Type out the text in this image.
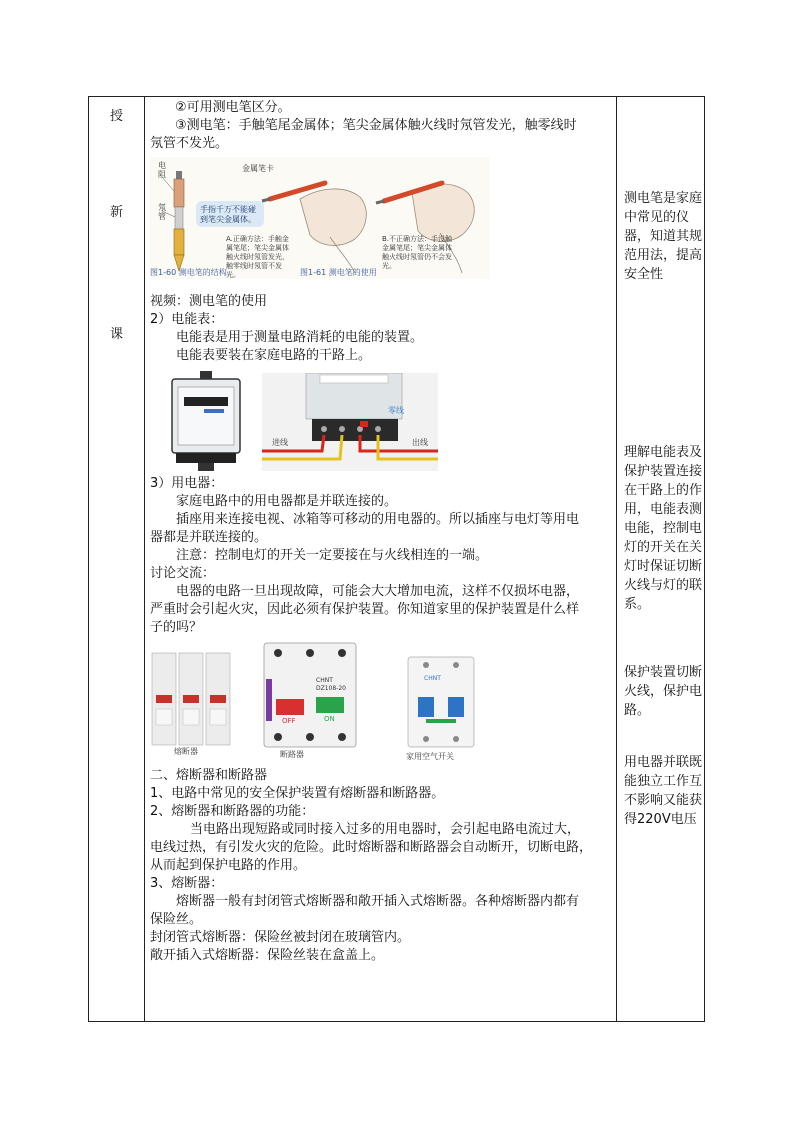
授
新
课
②可用测电笔区分。
③测电笔：手触笔尾金属体；笔尖金属体触火线时氖管发光，触零线时
氖管不发光。
电阻
氖管
金属笔卡
手指千万不能碰到笔尖金属体。
A.正确方法：手触金属笔尾；笔尖金属体触火线时氖管发光，触零线时氖管不发光。
B.不正确方法：手没触金属笔尾；笔尖金属体触火线时氖管仍不会发光。
图1-60 测电笔的结构	图1-61 测电笔的使用
视频：测电笔的使用
2）电能表：
电能表是用于测量电路消耗的电能的装置。
电能表要装在家庭电路的干路上。
进线	出线
零线
3）用电器：
家庭电路中的用电器都是并联连接的。
插座用来连接电视、冰箱等可移动的用电器的。所以插座与电灯等用电
器都是并联连接的。
注意：控制电灯的开关一定要接在与火线相连的一端。
讨论交流：
电器的电路一旦出现故障，可能会大大增加电流，这样不仅损坏电器，
严重时会引起火灾，因此必须有保护装置。你知道家里的保护装置是什么样
子的吗？
熔断器
CHNT
DZ108-20
OFF	ON
断路器
CHNT
家用空气开关
二、熔断器和断路器
1、电路中常见的安全保护装置有熔断器和断路器。
2、熔断器和断路器的功能：
当电路出现短路或同时接入过多的用电器时，会引起电路电流过大，
电线过热，有引发火灾的危险。此时熔断器和断路器会自动断开，切断电路，
从而起到保护电路的作用。
3、熔断器：
熔断器一般有封闭管式熔断器和敞开插入式熔断器。各种熔断器内都有
保险丝。
封闭管式熔断器：保险丝被封闭在玻璃管内。
敞开插入式熔断器：保险丝装在盒盖上。
测电笔是家庭中常见的仪器，知道其规范用法，提高安全性
理解电能表及保护装置连接在干路上的作用，电能表测电能，控制电灯的开关在关灯时保证切断火线与灯的联系。
保护装置切断火线，保护电路。
用电器并联既能独立工作互不影响又能获得220V电压
